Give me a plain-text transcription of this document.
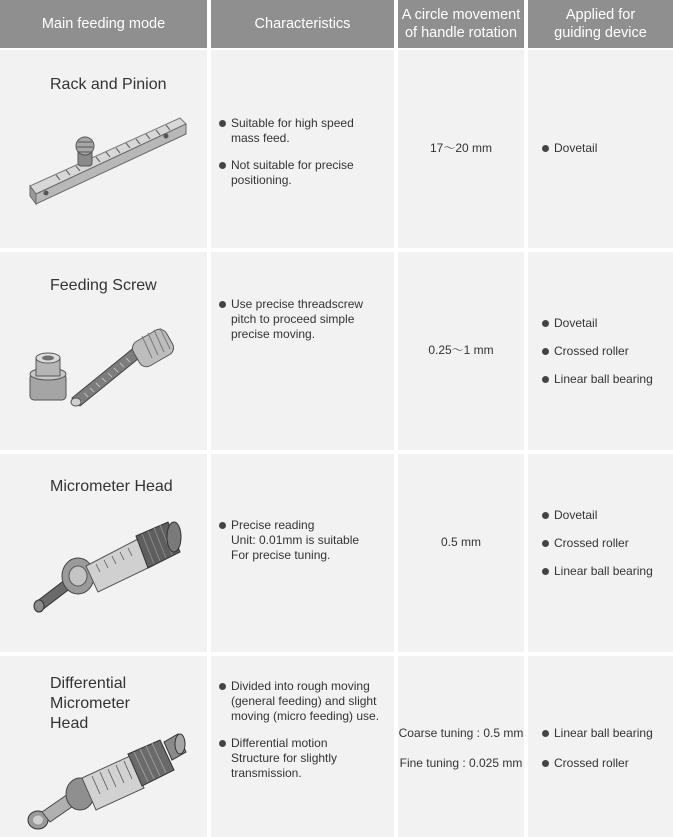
Main feeding mode	Characteristics
A circle movement
of handle rotation
Applied for
guiding device
Rack and Pinion
Suitable for high speed
mass feed.
Not suitable for precise
positioning.
17～20 mm	Dovetail
Feeding Screw
Use precise threadscrew
pitch to proceed simple
precise moving.
0.25～1 mm
Dovetail
Crossed roller
Linear ball bearing
Micrometer Head
Precise reading
Unit: 0.01mm is suitable
For precise tuning.
0.5 mm
Dovetail
Crossed roller
Linear ball bearing
Differential
Micrometer
Head
Divided into rough moving
(general feeding) and slight
moving (micro feeding) use.
Differential motion
Structure for slightly
transmission.
Coarse tuning : 0.5 mm
Fine tuning : 0.025 mm
Linear ball bearing
Crossed roller
